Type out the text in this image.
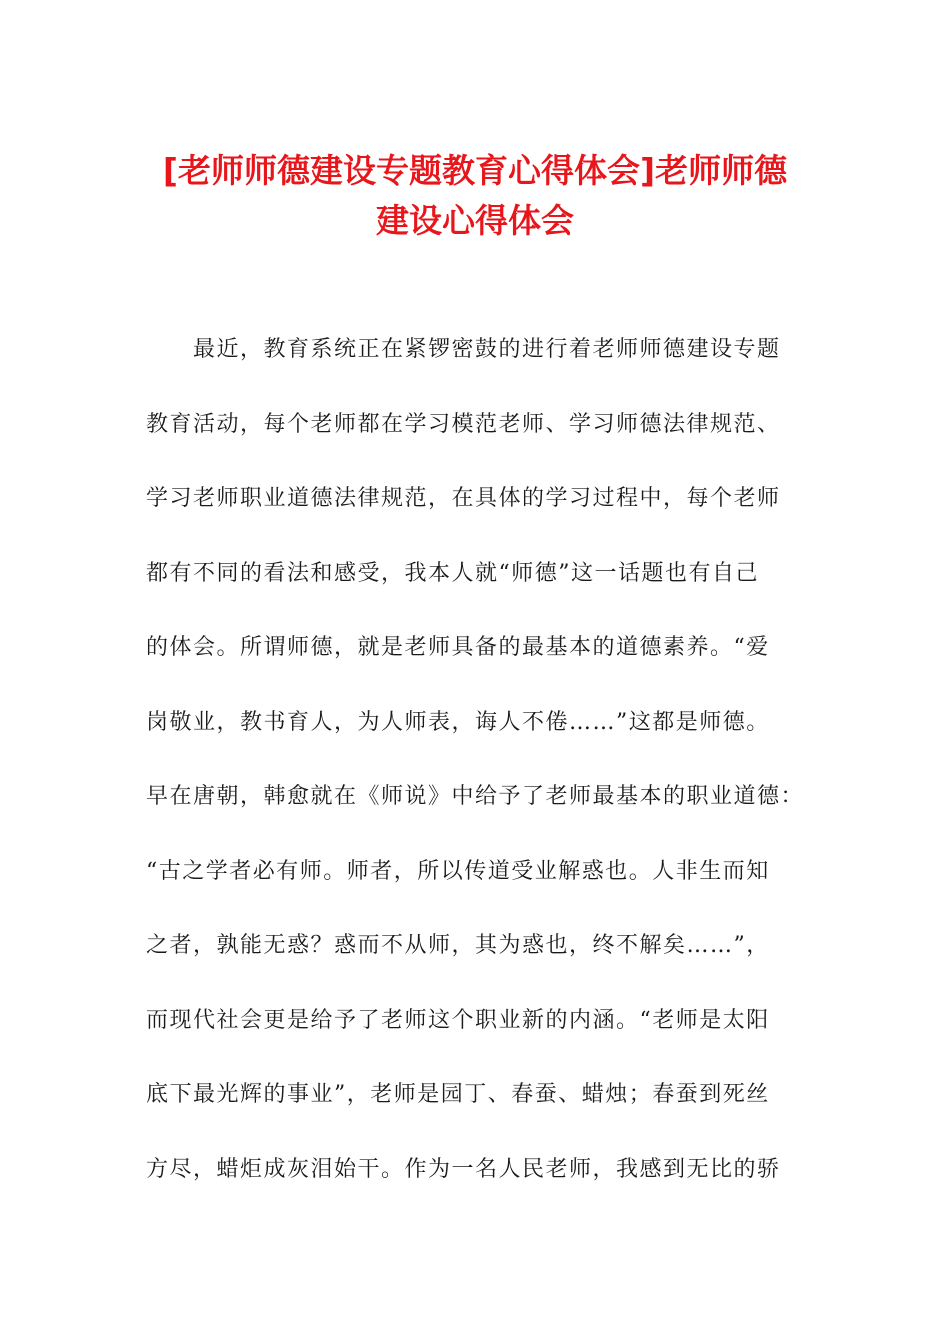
[老师师德建设专题教育心得体会]老师师德
建设心得体会
最近，教育系统正在紧锣密鼓的进行着老师师德建设专题
教育活动，每个老师都在学习模范老师、学习师德法律规范、
学习老师职业道德法律规范，在具体的学习过程中，每个老师
都有不同的看法和感受，我本人就“师德”这一话题也有自己
的体会。所谓师德，就是老师具备的最基本的道德素养。“爱
岗敬业，教书育人，为人师表，诲人不倦……”这都是师德。
早在唐朝，韩愈就在《师说》中给予了老师最基本的职业道德：
“古之学者必有师。师者，所以传道受业解惑也。人非生而知
之者，孰能无惑？惑而不从师，其为惑也，终不解矣……”，
而现代社会更是给予了老师这个职业新的内涵。“老师是太阳
底下最光辉的事业”，老师是园丁、春蚕、蜡烛；春蚕到死丝
方尽，蜡炬成灰泪始干。作为一名人民老师，我感到无比的骄
